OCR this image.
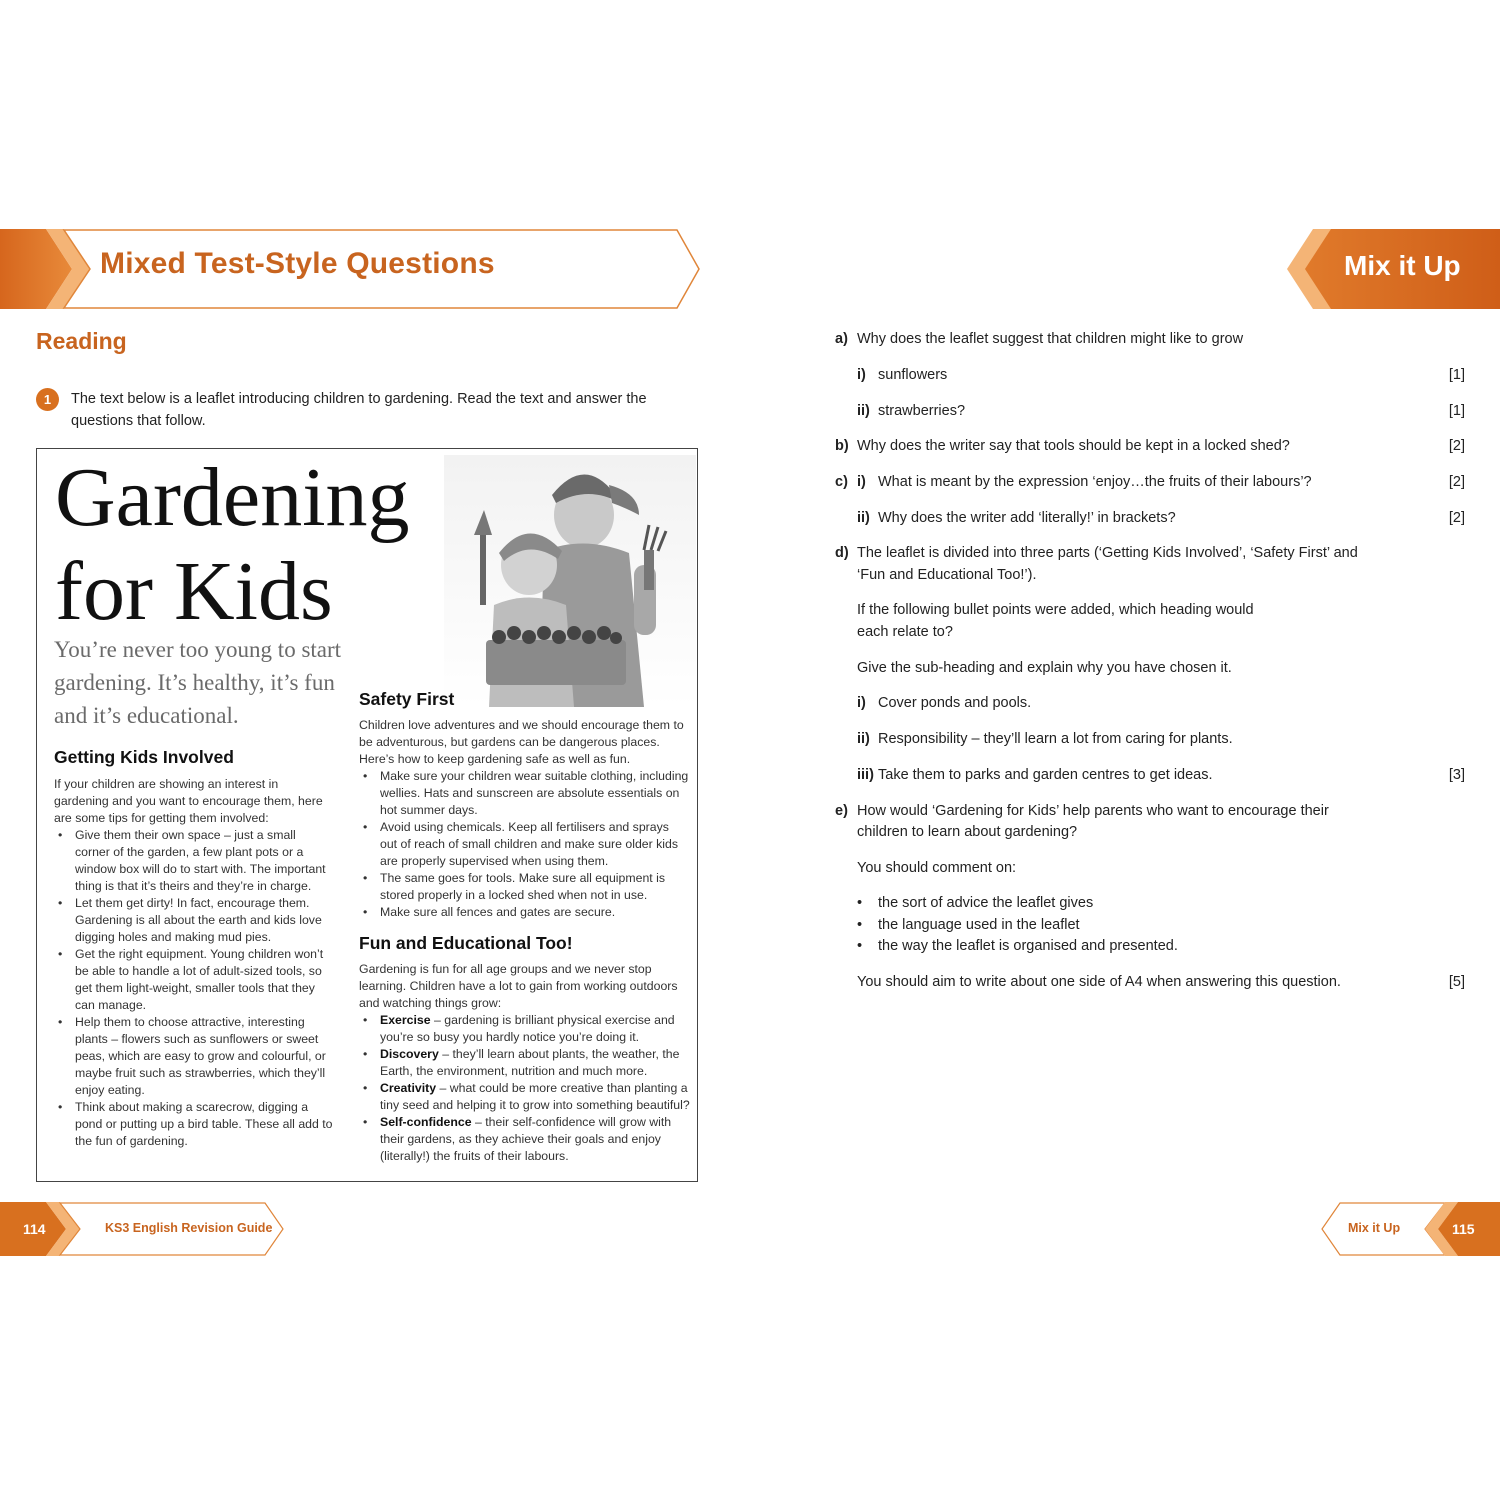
Mixed Test-Style Questions	Mix it Up
Reading
1	The text below is a leaflet introducing children to gardening. Read the text and answer the questions that follow.
Gardening
for Kids
You’re never too young to start gardening. It’s healthy, it’s fun and it’s educational.
Getting Kids Involved
If your children are showing an interest in gardening and you want to encourage them, here are some tips for getting them involved:
• Give them their own space – just a small corner of the garden, a few plant pots or a window box will do to start with. The important thing is that it’s theirs and they’re in charge.
• Let them get dirty! In fact, encourage them. Gardening is all about the earth and kids love digging holes and making mud pies.
• Get the right equipment. Young children won’t be able to handle a lot of adult-sized tools, so get them light-weight, smaller tools that they can manage.
• Help them to choose attractive, interesting plants – flowers such as sunflowers or sweet peas, which are easy to grow and colourful, or maybe fruit such as strawberries, which they’ll enjoy eating.
• Think about making a scarecrow, digging a pond or putting up a bird table. These all add to the fun of gardening.
Safety First
Children love adventures and we should encourage them to be adventurous, but gardens can be dangerous places. Here’s how to keep gardening safe as well as fun.
• Make sure your children wear suitable clothing, including wellies. Hats and sunscreen are absolute essentials on hot summer days.
• Avoid using chemicals. Keep all fertilisers and sprays out of reach of small children and make sure older kids are properly supervised when using them.
• The same goes for tools. Make sure all equipment is stored properly in a locked shed when not in use.
• Make sure all fences and gates are secure.
Fun and Educational Too!
Gardening is fun for all age groups and we never stop learning. Children have a lot to gain from working outdoors and watching things grow:
• Exercise – gardening is brilliant physical exercise and you’re so busy you hardly notice you’re doing it.
• Discovery – they’ll learn about plants, the weather, the Earth, the environment, nutrition and much more.
• Creativity – what could be more creative than planting a tiny seed and helping it to grow into something beautiful?
• Self-confidence – their self-confidence will grow with their gardens, as they achieve their goals and enjoy (literally!) the fruits of their labours.
a) Why does the leaflet suggest that children might like to grow
i) sunflowers	[1]
ii) strawberries?	[1]
b) Why does the writer say that tools should be kept in a locked shed?	[2]
c) i) What is meant by the expression ‘enjoy…the fruits of their labours’?	[2]
ii) Why does the writer add ‘literally!’ in brackets?	[2]
d) The leaflet is divided into three parts (‘Getting Kids Involved’, ‘Safety First’ and
‘Fun and Educational Too!’).
If the following bullet points were added, which heading would
each relate to?
Give the sub-heading and explain why you have chosen it.
i) Cover ponds and pools.
ii) Responsibility – they’ll learn a lot from caring for plants.
iii) Take them to parks and garden centres to get ideas.	[3]
e) How would ‘Gardening for Kids’ help parents who want to encourage their
children to learn about gardening?
You should comment on:
• the sort of advice the leaflet gives
• the language used in the leaflet
• the way the leaflet is organised and presented.
You should aim to write about one side of A4 when answering this question.	[5]
114	KS3 English Revision Guide	Mix it Up	115
